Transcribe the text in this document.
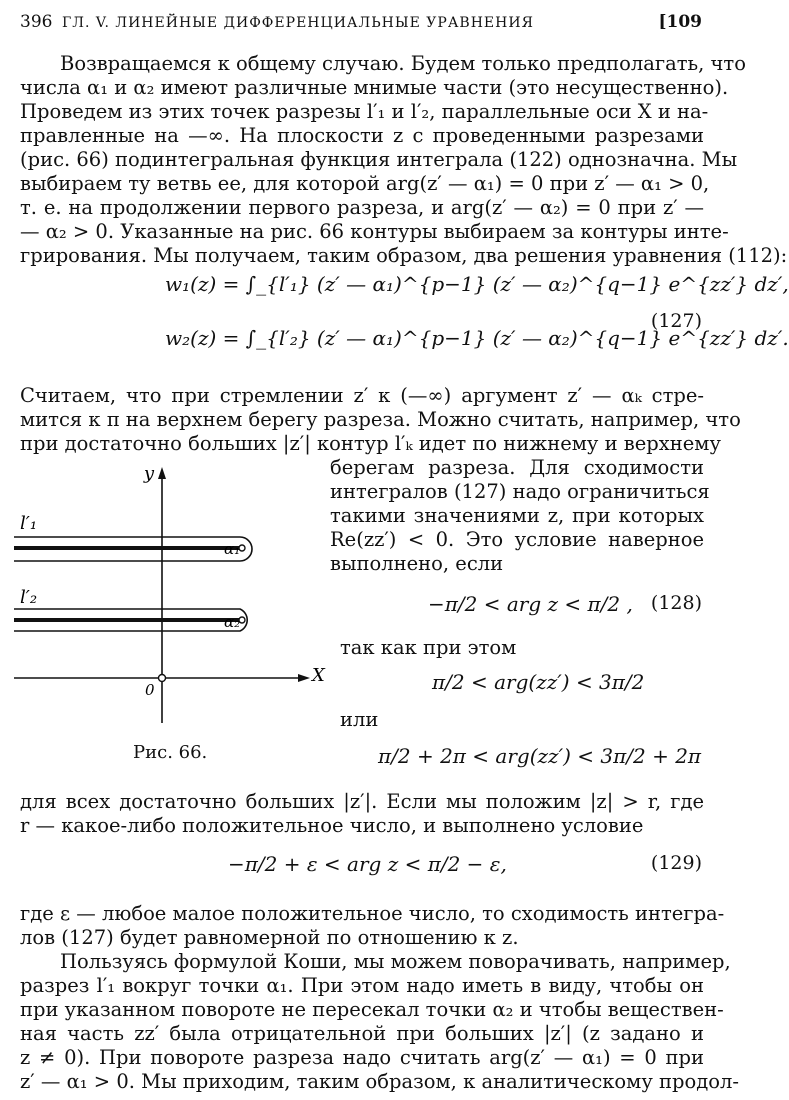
396 ГЛ. V. ЛИНЕЙНЫЕ ДИФФЕРЕНЦИАЛЬНЫЕ УРАВНЕНИЯ	[109
Возвращаемся к общему случаю. Будем только предполагать, что
числа α₁ и α₂ имеют различные мнимые части (это несущественно).
Проведем из этих точек разрезы l′₁ и l′₂, параллельные оси X и на-
правленные на —∞. На плоскости z с проведенными разрезами
(рис. 66) подинтегральная функция интеграла (122) однозначна. Мы
выбираем ту ветвь ее, для которой arg(z′ — α₁) = 0 при z′ — α₁ > 0,
т. е. на продолжении первого разреза, и arg(z′ — α₂) = 0 при z′ —
— α₂ > 0. Указанные на рис. 66 контуры выбираем за контуры инте-
грирования. Мы получаем, таким образом, два решения уравнения (112):
w₁(z) = ∫_{l′₁} (z′ — α₁)^{p−1} (z′ — α₂)^{q−1} e^{zz′} dz′,
w₂(z) = ∫_{l′₂} (z′ — α₁)^{p−1} (z′ — α₂)^{q−1} e^{zz′} dz′.
(127)
Считаем, что при стремлении z′ к (—∞) аргумент z′ — αₖ стре-
мится к π на верхнем берегу разреза. Можно считать, например, что
при достаточно больших |z′| контур l′ₖ идет по нижнему и верхнему
берегам разреза. Для сходимости
интегралов (127) надо ограничиться
такими значениями z, при которых
Re(zz′) < 0. Это условие наверное
выполнено, если
−π/2 < arg z < π/2 , (128)
так как при этом
π/2 < arg(zz′) < 3π/2
или
π/2 + 2π < arg(zz′) < 3π/2 + 2π
y
X
0
l′₁
l′₂
α₁
α₂
Рис. 66.
для всех достаточно больших |z′|. Если мы положим |z| > r, где
r — какое-либо положительное число, и выполнено условие
−π/2 + ε < arg z < π/2 − ε,	(129)
где ε — любое малое положительное число, то сходимость интегра-
лов (127) будет равномерной по отношению к z.
Пользуясь формулой Коши, мы можем поворачивать, например,
разрез l′₁ вокруг точки α₁. При этом надо иметь в виду, чтобы он
при указанном повороте не пересекал точки α₂ и чтобы веществен-
ная часть zz′ была отрицательной при больших |z′| (z задано и
z ≠ 0). При повороте разреза надо считать arg(z′ — α₁) = 0 при
z′ — α₁ > 0. Мы приходим, таким образом, к аналитическому продол-
